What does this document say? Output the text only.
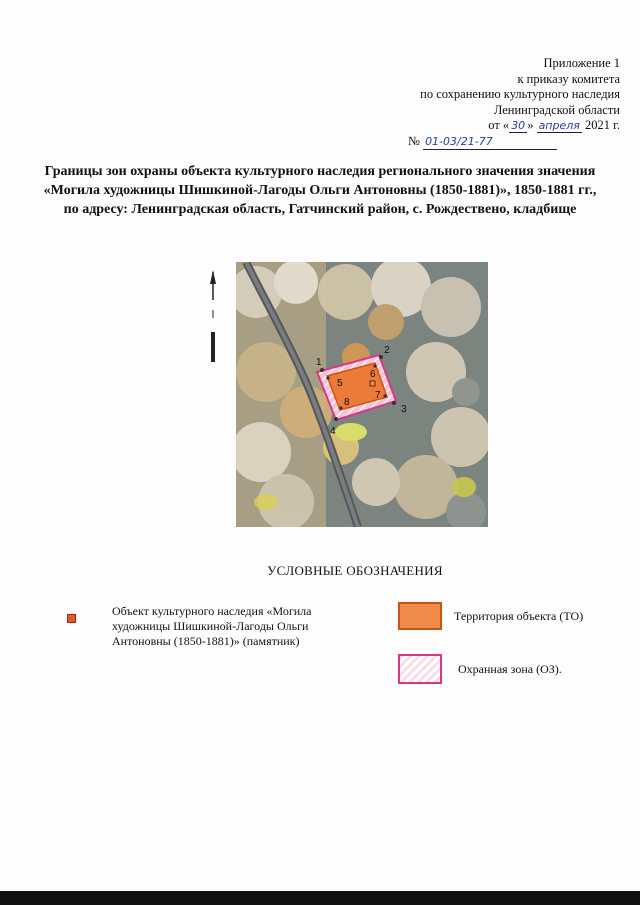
Приложение 1
к приказу комитета
по сохранению культурного наследия
Ленинградской области
от « 30 » апреля 2021 г.
№ 01-03/21-77
Границы зон охраны объекта культурного наследия регионального значения значения «Могила художницы Шишкиной-Лагоды Ольги Антоновны (1850-1881)», 1850-1881 гг., по адресу: Ленинградская область, Гатчинский район, с. Рождествено, кладбище
1
2
3
4
5
6
7
8
УСЛОВНЫЕ ОБОЗНАЧЕНИЯ
Объект культурного наследия «Могила художницы Шишкиной-Лагоды Ольги Антоновны (1850-1881)» (памятник)
Территория объекта (ТО)
Охранная зона (ОЗ).
